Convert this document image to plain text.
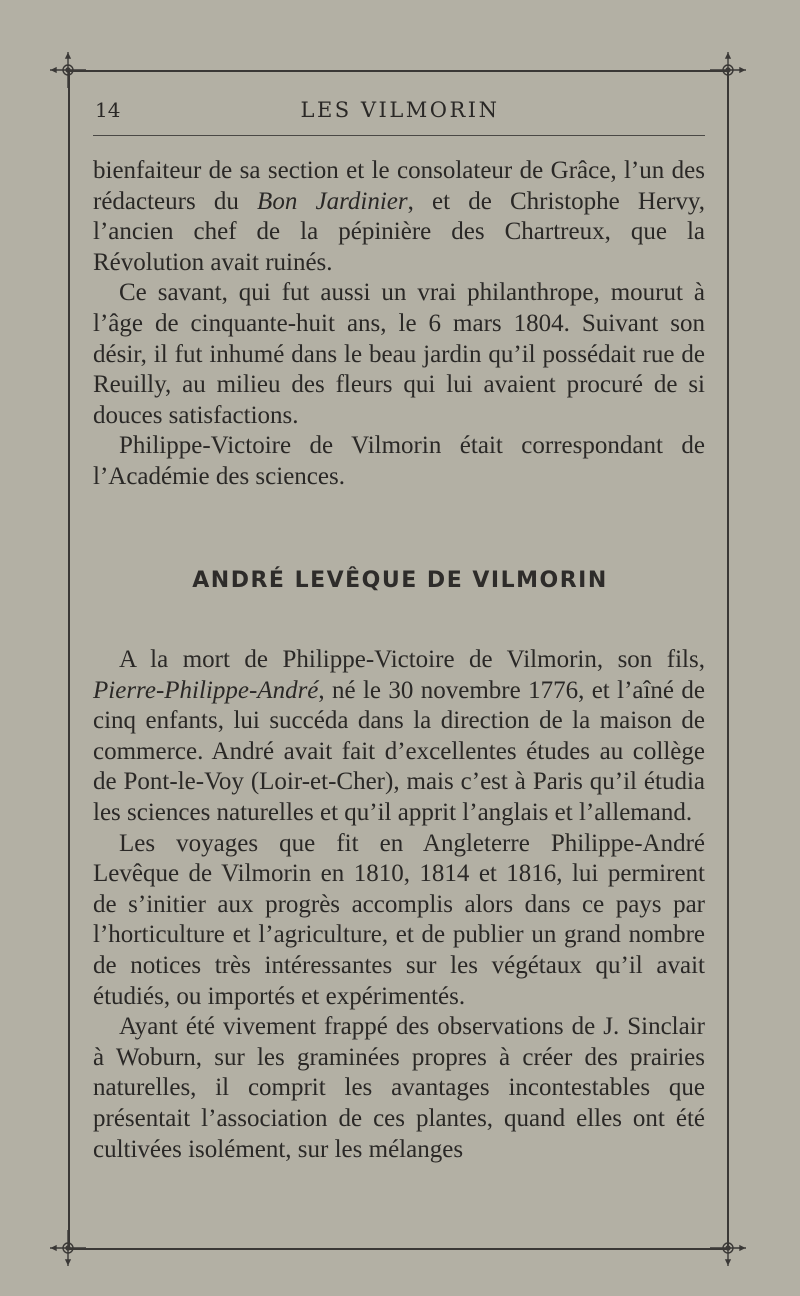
14	LES VILMORIN

bienfaiteur de sa section et le consolateur de Grâce, l’un des rédacteurs du Bon Jardinier, et de Christophe Hervy, l’ancien chef de la pépinière des Chartreux, que la Révolution avait ruinés.

Ce savant, qui fut aussi un vrai philanthrope, mourut à l’âge de cinquante-huit ans, le 6 mars 1804. Suivant son désir, il fut inhumé dans le beau jardin qu’il possédait rue de Reuilly, au milieu des fleurs qui lui avaient procuré de si douces satisfactions.

Philippe-Victoire de Vilmorin était correspondant de l’Académie des sciences.

ANDRÉ LEVÊQUE DE VILMORIN

A la mort de Philippe-Victoire de Vilmorin, son fils, Pierre-Philippe-André, né le 30 novembre 1776, et l’aîné de cinq enfants, lui succéda dans la direction de la maison de commerce. André avait fait d’excellentes études au collège de Pont-le-Voy (Loir-et-Cher), mais c’est à Paris qu’il étudia les sciences naturelles et qu’il apprit l’anglais et l’allemand.

Les voyages que fit en Angleterre Philippe-André Levêque de Vilmorin en 1810, 1814 et 1816, lui permirent de s’initier aux progrès accomplis alors dans ce pays par l’horticulture et l’agriculture, et de publier un grand nombre de notices très intéressantes sur les végétaux qu’il avait étudiés, ou importés et expérimentés.

Ayant été vivement frappé des observations de J. Sinclair à Woburn, sur les graminées propres à créer des prairies naturelles, il comprit les avantages incontestables que présentait l’association de ces plantes, quand elles ont été cultivées isolément, sur les mélanges
